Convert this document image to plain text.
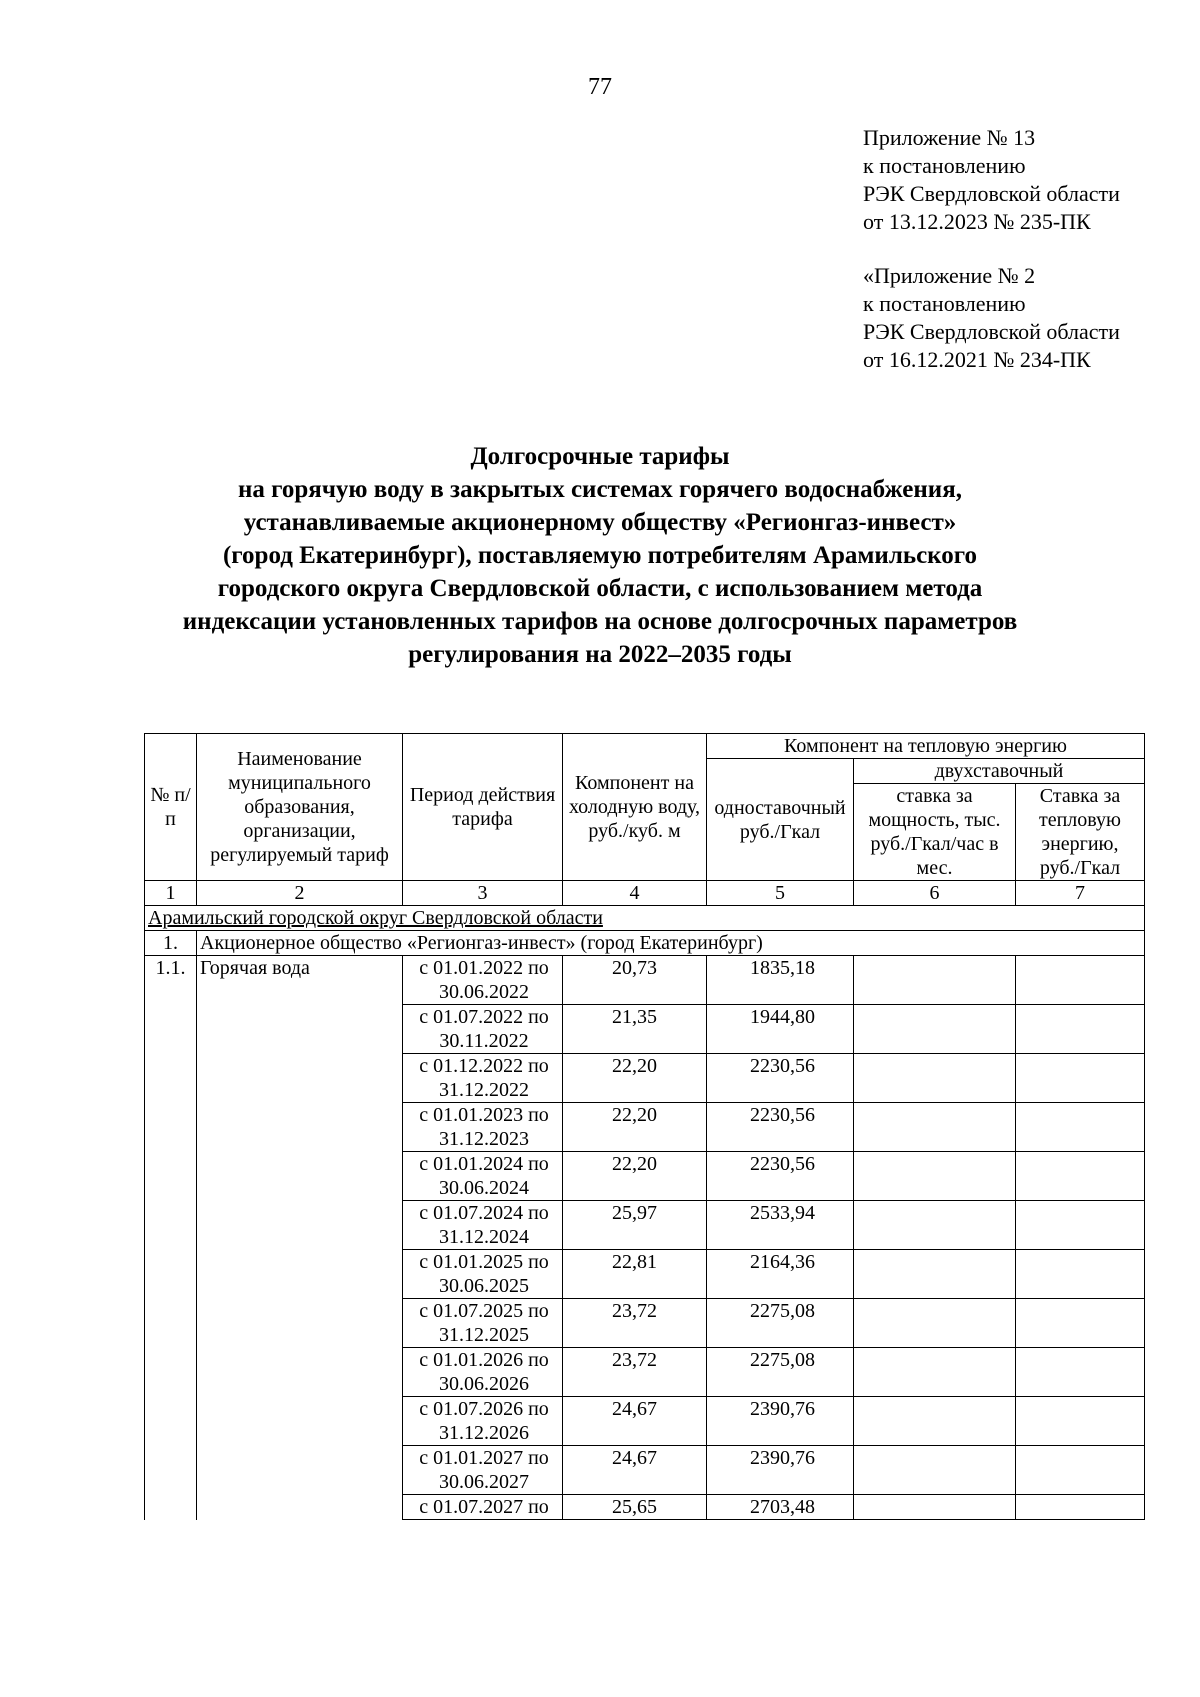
77
Приложение № 13
к постановлению
РЭК Свердловской области
от 13.12.2023 № 235-ПК
«Приложение № 2
к постановлению
РЭК Свердловской области
от 16.12.2021 № 234-ПК
Долгосрочные тарифы
на горячую воду в закрытых системах горячего водоснабжения,
устанавливаемые акционерному обществу «Регионгаз-инвест»
(город Екатеринбург), поставляемую потребителям Арамильского
городского округа Свердловской области, с использованием метода
индексации установленных тарифов на основе долгосрочных параметров
регулирования на 2022–2035 годы
№ п/п	Наименование муниципального образования, организации, регулируемый тариф	Период действия тарифа	Компонент на холодную воду, руб./куб. м	Компонент на тепловую энергию		
				одноставочный руб./Гкал	двухставочный	
					ставка за мощность, тыс. руб./Гкал/час в мес.	Ставка за тепловую энергию, руб./Гкал
1	2	3	4	5	6	7
Арамильский городской округ Свердловской области						
1.	Акционерное общество «Регионгаз-инвест» (город Екатеринбург)					
1.1.	Горячая вода	с 01.01.2022 по 30.06.2022	20,73	1835,18		
		с 01.07.2022 по 30.11.2022	21,35	1944,80		
		с 01.12.2022 по 31.12.2022	22,20	2230,56		
		с 01.01.2023 по 31.12.2023	22,20	2230,56		
		с 01.01.2024 по 30.06.2024	22,20	2230,56		
		с 01.07.2024 по 31.12.2024	25,97	2533,94		
		с 01.01.2025 по 30.06.2025	22,81	2164,36		
		с 01.07.2025 по 31.12.2025	23,72	2275,08		
		с 01.01.2026 по 30.06.2026	23,72	2275,08		
		с 01.07.2026 по 31.12.2026	24,67	2390,76		
		с 01.01.2027 по 30.06.2027	24,67	2390,76		
		с 01.07.2027 по	25,65	2703,48		
